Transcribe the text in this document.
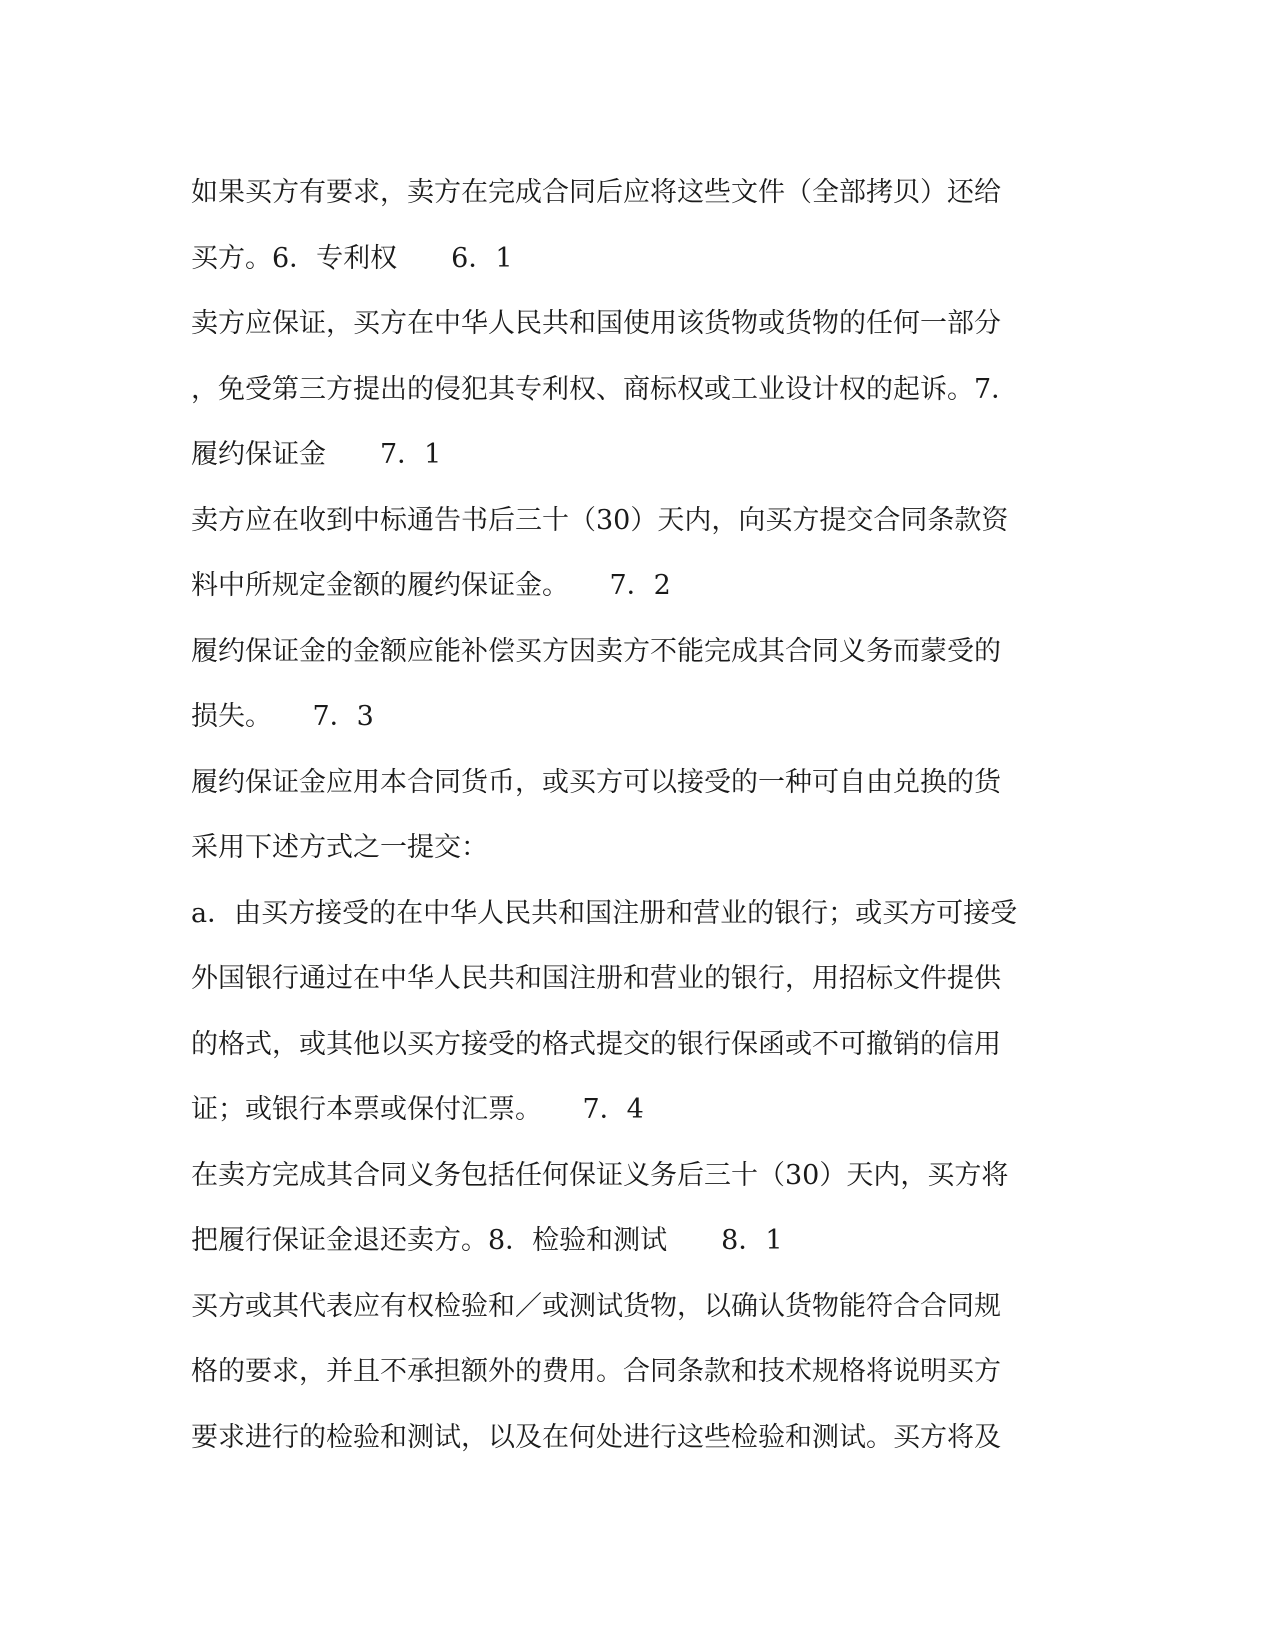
如果买方有要求，卖方在完成合同后应将这些文件（全部拷贝）还给
买方。6．专利权　　6．1
卖方应保证，买方在中华人民共和国使用该货物或货物的任何一部分
，免受第三方提出的侵犯其专利权、商标权或工业设计权的起诉。7．
履约保证金　　7．1
卖方应在收到中标通告书后三十（30）天内，向买方提交合同条款资
料中所规定金额的履约保证金。　　7．2
履约保证金的金额应能补偿买方因卖方不能完成其合同义务而蒙受的
损失。　　7．3
履约保证金应用本合同货币，或买方可以接受的一种可自由兑换的货
采用下述方式之一提交：
a．由买方接受的在中华人民共和国注册和营业的银行；或买方可接受
外国银行通过在中华人民共和国注册和营业的银行，用招标文件提供
的格式，或其他以买方接受的格式提交的银行保函或不可撤销的信用
证；或银行本票或保付汇票。　　7．4
在卖方完成其合同义务包括任何保证义务后三十（30）天内，买方将
把履行保证金退还卖方。8．检验和测试　　8．1
买方或其代表应有权检验和／或测试货物，以确认货物能符合合同规
格的要求，并且不承担额外的费用。合同条款和技术规格将说明买方
要求进行的检验和测试，以及在何处进行这些检验和测试。买方将及
